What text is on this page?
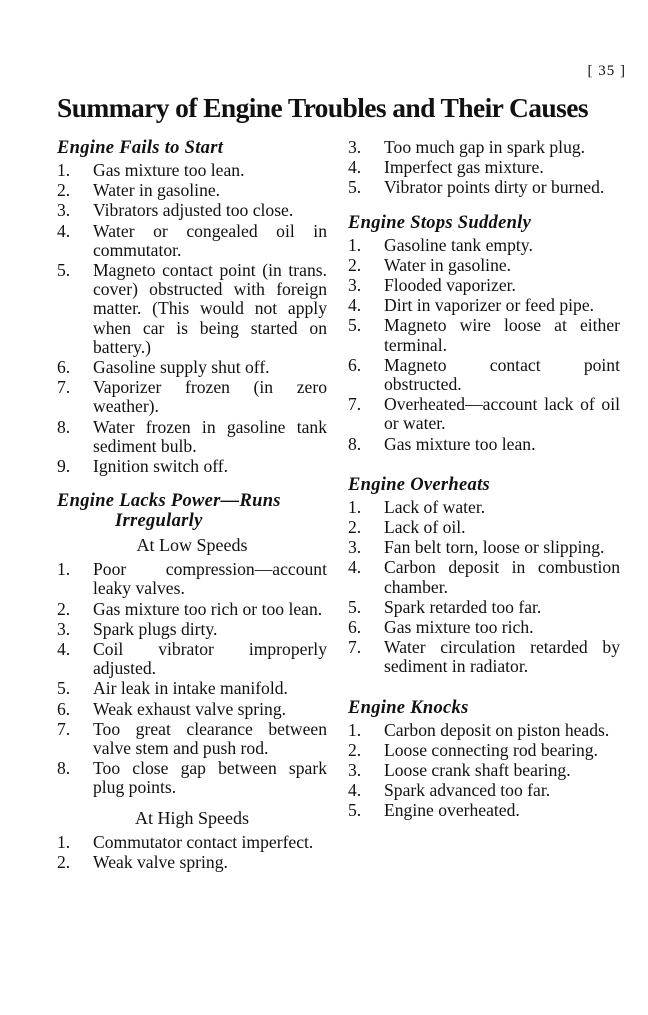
[ 35 ]
Summary of Engine Troubles and Their Causes
Engine Fails to Start
1. Gas mixture too lean.
2. Water in gasoline.
3. Vibrators adjusted too close.
4. Water or congealed oil in commutator.
5. Magneto contact point (in trans. cover) obstructed with foreign matter. (This would not apply when car is being started on battery.)
6. Gasoline supply shut off.
7. Vaporizer frozen (in zero weather).
8. Water frozen in gasoline tank sediment bulb.
9. Ignition switch off.
Engine Lacks Power—Runs
Irregularly
At Low Speeds
1. Poor compression—account leaky valves.
2. Gas mixture too rich or too lean.
3. Spark plugs dirty.
4. Coil vibrator improperly adjusted.
5. Air leak in intake manifold.
6. Weak exhaust valve spring.
7. Too great clearance between valve stem and push rod.
8. Too close gap between spark plug points.
At High Speeds
1. Commutator contact imperfect.
2. Weak valve spring.
3. Too much gap in spark plug.
4. Imperfect gas mixture.
5. Vibrator points dirty or burned.
Engine Stops Suddenly
1. Gasoline tank empty.
2. Water in gasoline.
3. Flooded vaporizer.
4. Dirt in vaporizer or feed pipe.
5. Magneto wire loose at either terminal.
6. Magneto contact point obstructed.
7. Overheated—account lack of oil or water.
8. Gas mixture too lean.
Engine Overheats
1. Lack of water.
2. Lack of oil.
3. Fan belt torn, loose or slipping.
4. Carbon deposit in combustion chamber.
5. Spark retarded too far.
6. Gas mixture too rich.
7. Water circulation retarded by sediment in radiator.
Engine Knocks
1. Carbon deposit on piston heads.
2. Loose connecting rod bearing.
3. Loose crank shaft bearing.
4. Spark advanced too far.
5. Engine overheated.
